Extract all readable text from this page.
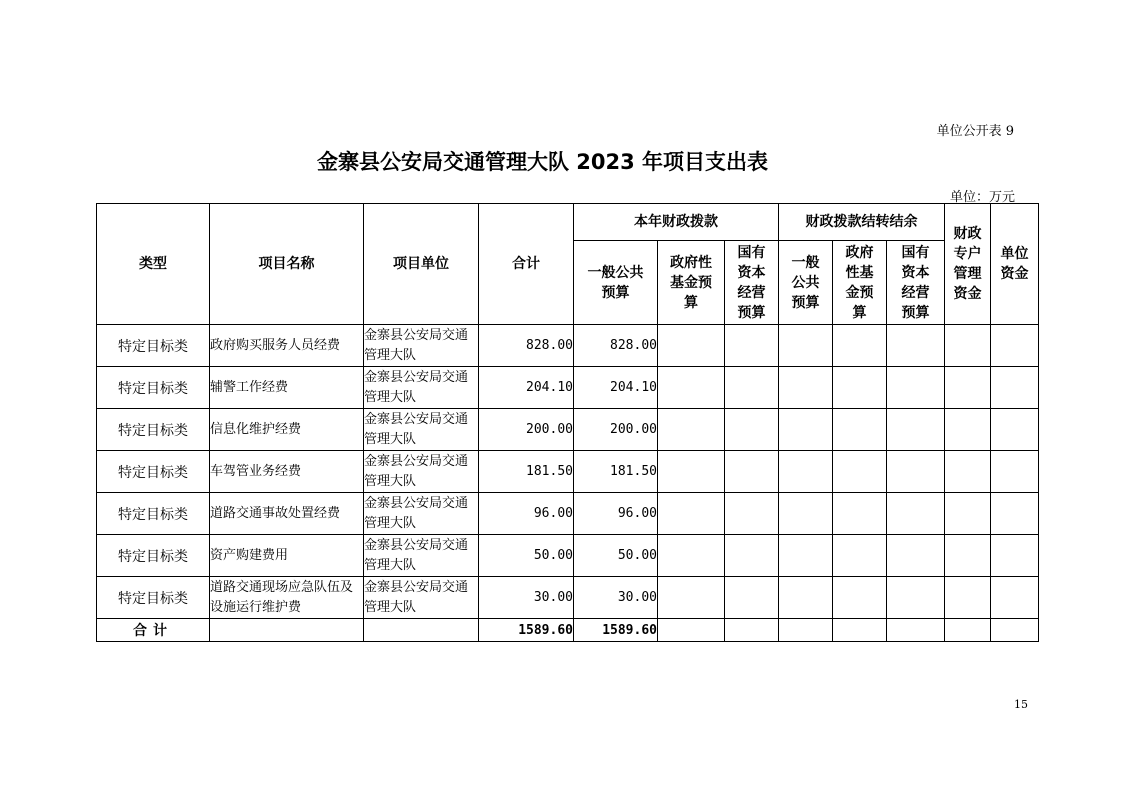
单位公开表 9
金寨县公安局交通管理大队 2023 年项目支出表
单位：万元
类型	项目名称	项目单位	合计	本年财政拨款			财政拨款结转结余			财政专户管理资金	单位资金

				一般公共预算	政府性基金预算	国有资本经营预算	一般公共预算	政府性基金预算	国有资本经营预算		

特定目标类	政府购买服务人员经费	金寨县公安局交通管理大队	828.00	828.00							
特定目标类	辅警工作经费	金寨县公安局交通管理大队	204.10	204.10							
特定目标类	信息化维护经费	金寨县公安局交通管理大队	200.00	200.00							
特定目标类	车驾管业务经费	金寨县公安局交通管理大队	181.50	181.50							
特定目标类	道路交通事故处置经费	金寨县公安局交通管理大队	96.00	96.00							
特定目标类	资产购建费用	金寨县公安局交通管理大队	50.00	50.00							
特定目标类	道路交通现场应急队伍及设施运行维护费	金寨县公安局交通管理大队	30.00	30.00							
合计			1589.60	1589.60							
15
